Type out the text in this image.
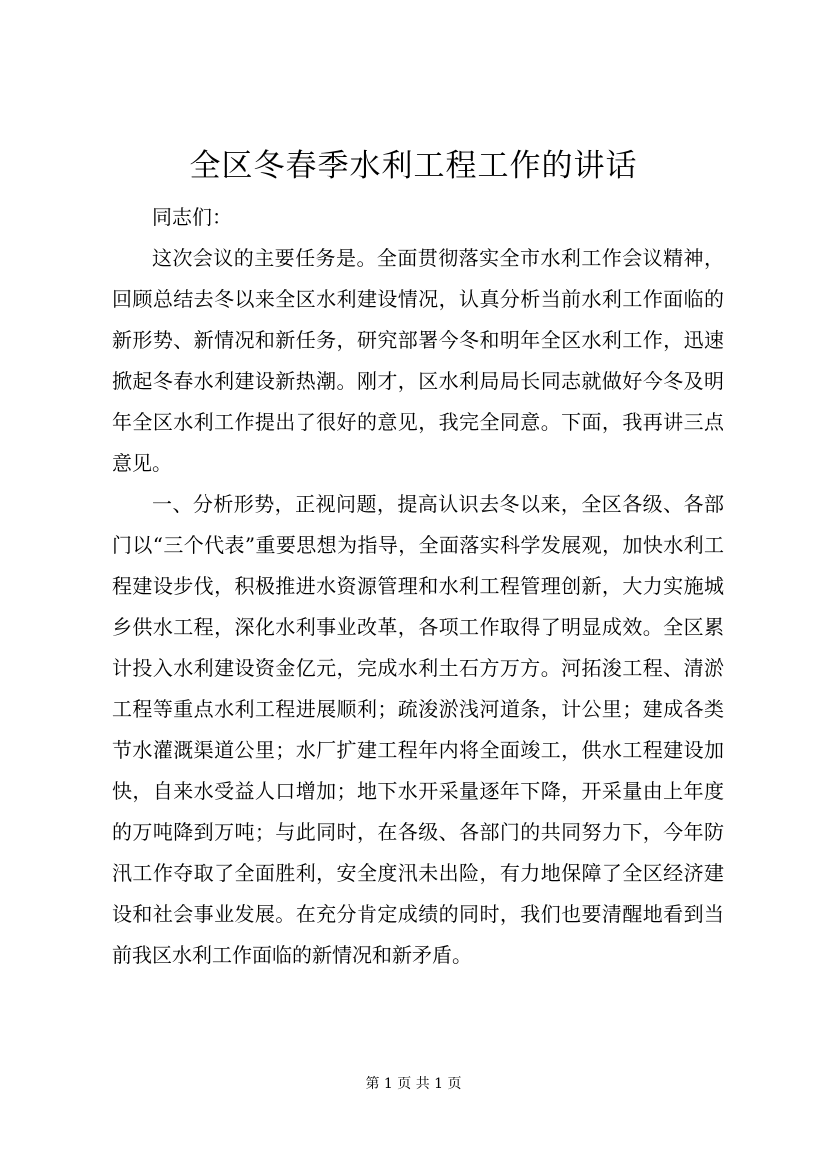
全区冬春季水利工程工作的讲话

同志们：

这次会议的主要任务是。全面贯彻落实全市水利工作会议精神，回顾总结去冬以来全区水利建设情况，认真分析当前水利工作面临的新形势、新情况和新任务，研究部署今冬和明年全区水利工作，迅速掀起冬春水利建设新热潮。刚才，区水利局局长同志就做好今冬及明年全区水利工作提出了很好的意见，我完全同意。下面，我再讲三点意见。

一、分析形势，正视问题，提高认识去冬以来，全区各级、各部门以“三个代表”重要思想为指导，全面落实科学发展观，加快水利工程建设步伐，积极推进水资源管理和水利工程管理创新，大力实施城乡供水工程，深化水利事业改革，各项工作取得了明显成效。全区累计投入水利建设资金亿元，完成水利土石方万方。河拓浚工程、清淤工程等重点水利工程进展顺利；疏浚淤浅河道条，计公里；建成各类节水灌溉渠道公里；水厂扩建工程年内将全面竣工，供水工程建设加快，自来水受益人口增加；地下水开采量逐年下降，开采量由上年度的万吨降到万吨；与此同时，在各级、各部门的共同努力下，今年防汛工作夺取了全面胜利，安全度汛未出险，有力地保障了全区经济建设和社会事业发展。在充分肯定成绩的同时，我们也要清醒地看到当前我区水利工作面临的新情况和新矛盾。

第 1 页 共 1 页
